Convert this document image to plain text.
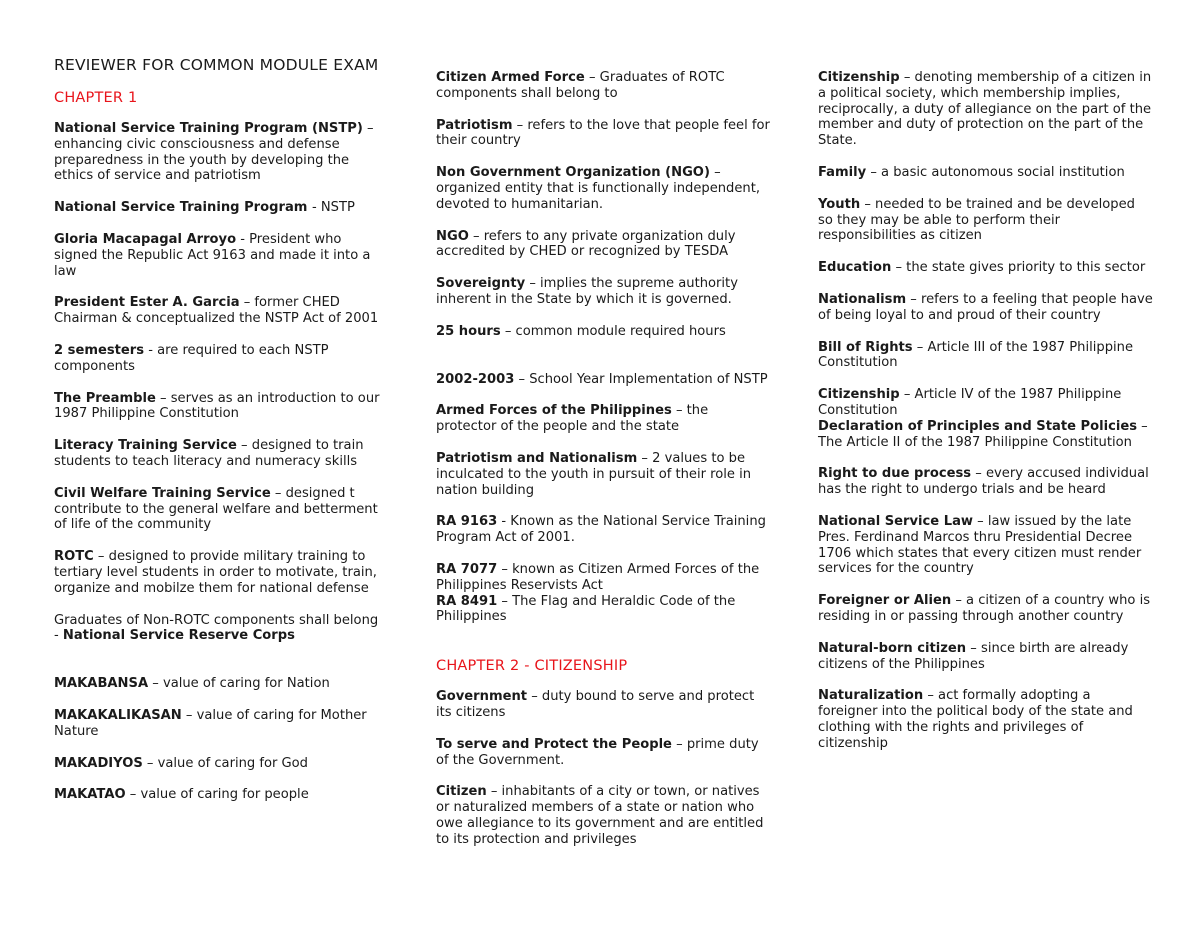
REVIEWER FOR COMMON MODULE EXAM
CHAPTER 1
National Service Training Program (NSTP) – enhancing civic consciousness and defense preparedness in the youth by developing the ethics of service and patriotism
National Service Training Program - NSTP
Gloria Macapagal Arroyo - President who signed the Republic Act 9163 and made it into a law
President Ester A. Garcia – former CHED Chairman & conceptualized the NSTP Act of 2001
2 semesters - are required to each NSTP components
The Preamble – serves as an introduction to our 1987 Philippine Constitution
Literacy Training Service – designed to train students to teach literacy and numeracy skills
Civil Welfare Training Service – designed t contribute to the general welfare and betterment of life of the community
ROTC – designed to provide military training to tertiary level students in order to motivate, train, organize and mobilze them for national defense
Graduates of Non-ROTC components shall belong - National Service Reserve Corps
MAKABANSA – value of caring for Nation
MAKAKALIKASAN – value of caring for Mother Nature
MAKADIYOS – value of caring for God
MAKATAO – value of caring for people
Citizen Armed Force – Graduates of ROTC components shall belong to
Patriotism – refers to the love that people feel for their country
Non Government Organization (NGO) – organized entity that is functionally independent, devoted to humanitarian.
NGO – refers to any private organization duly accredited by CHED or recognized by TESDA
Sovereignty – implies the supreme authority inherent in the State by which it is governed.
25 hours – common module required hours
2002-2003 – School Year Implementation of NSTP
Armed Forces of the Philippines – the protector of the people and the state
Patriotism and Nationalism – 2 values to be inculcated to the youth in pursuit of their role in nation building
RA 9163 - Known as the National Service Training Program Act of 2001.
RA 7077 – known as Citizen Armed Forces of the Philippines Reservists Act
RA 8491 – The Flag and Heraldic Code of the Philippines
CHAPTER 2 - CITIZENSHIP
Government – duty bound to serve and protect its citizens
To serve and Protect the People – prime duty of the Government.
Citizen – inhabitants of a city or town, or natives or naturalized members of a state or nation who owe allegiance to its government and are entitled to its protection and privileges
Citizenship – denoting membership of a citizen in a political society, which membership implies, reciprocally, a duty of allegiance on the part of the member and duty of protection on the part of the State.
Family – a basic autonomous social institution
Youth – needed to be trained and be developed so they may be able to perform their responsibilities as citizen
Education – the state gives priority to this sector
Nationalism – refers to a feeling that people have of being loyal to and proud of their country
Bill of Rights – Article III of the 1987 Philippine Constitution
Citizenship – Article IV of the 1987 Philippine Constitution
Declaration of Principles and State Policies – The Article II of the 1987 Philippine Constitution
Right to due process – every accused individual has the right to undergo trials and be heard
National Service Law – law issued by the late Pres. Ferdinand Marcos thru Presidential Decree 1706 which states that every citizen must render services for the country
Foreigner or Alien – a citizen of a country who is residing in or passing through another country
Natural-born citizen – since birth are already citizens of the Philippines
Naturalization – act formally adopting a foreigner into the political body of the state and clothing with the rights and privileges of citizenship
